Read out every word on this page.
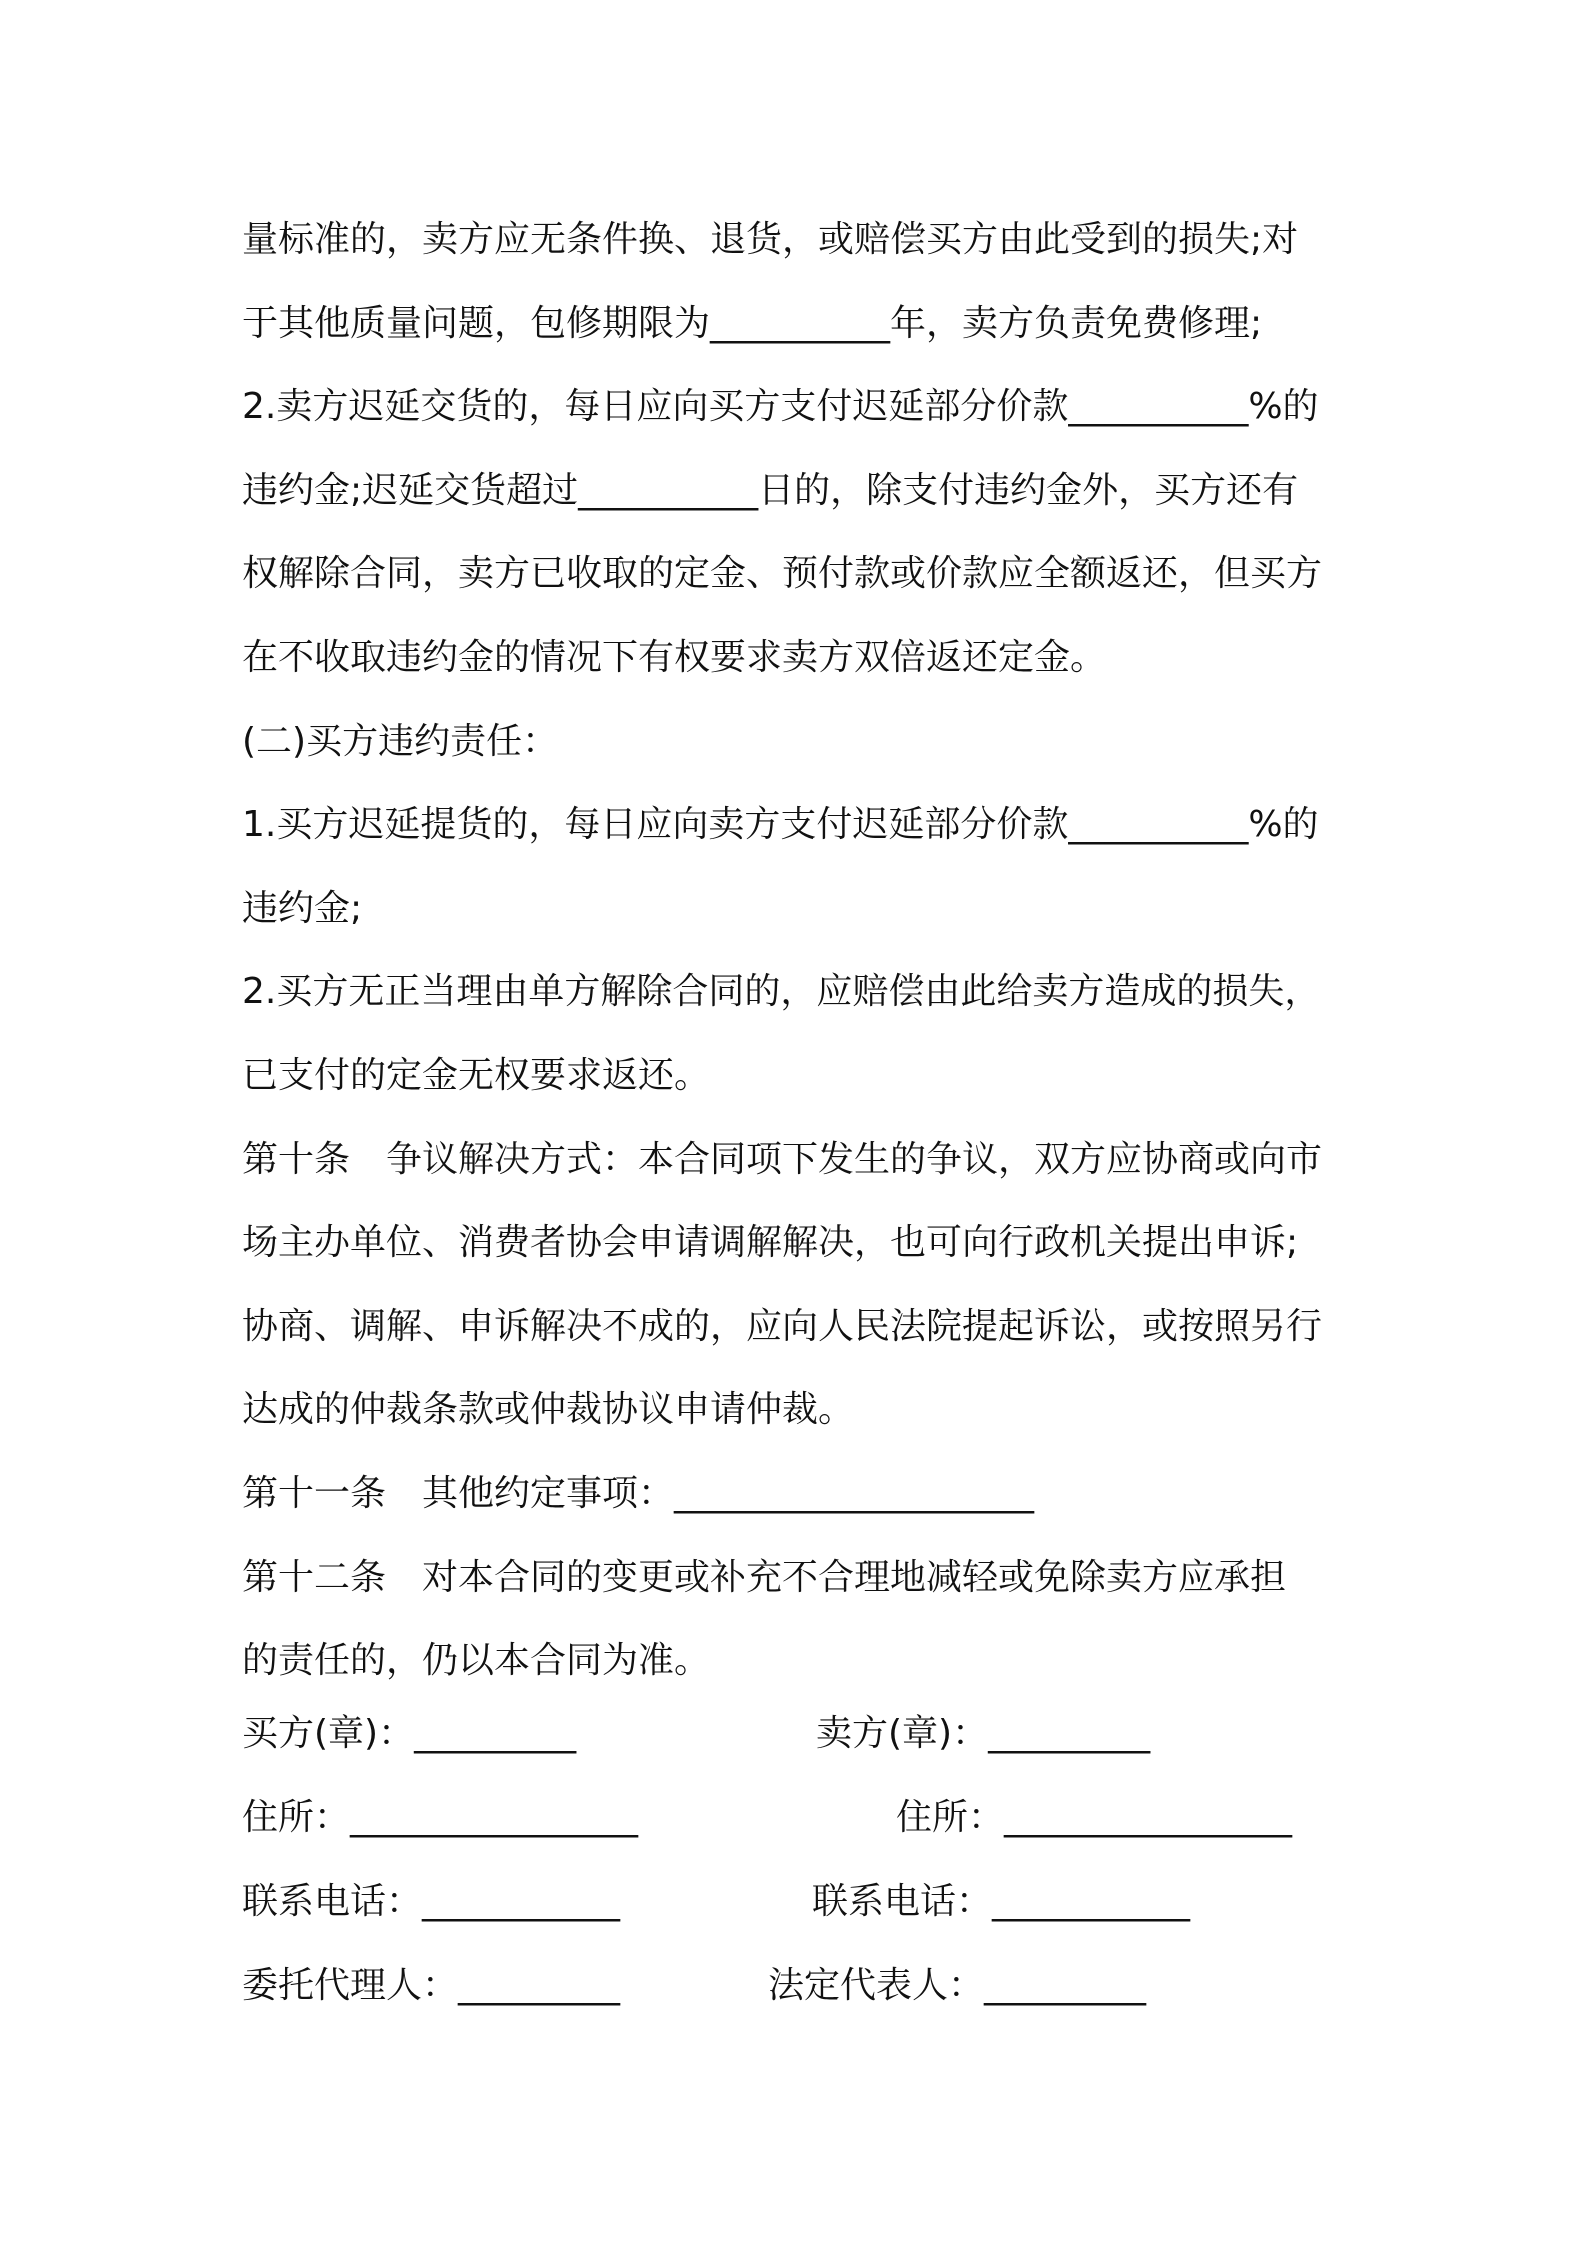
量标准的，卖方应无条件换、退货，或赔偿买方由此受到的损失;对
于其他质量问题，包修期限为__________年，卖方负责免费修理;
2.卖方迟延交货的，每日应向买方支付迟延部分价款__________%的
违约金;迟延交货超过__________日的，除支付违约金外，买方还有
权解除合同，卖方已收取的定金、预付款或价款应全额返还，但买方
在不收取违约金的情况下有权要求卖方双倍返还定金。
(二)买方违约责任：
1.买方迟延提货的，每日应向卖方支付迟延部分价款__________%的
违约金;
2.买方无正当理由单方解除合同的，应赔偿由此给卖方造成的损失，
已支付的定金无权要求返还。
第十条　争议解决方式：本合同项下发生的争议，双方应协商或向市
场主办单位、消费者协会申请调解解决，也可向行政机关提出申诉;
协商、调解、申诉解决不成的，应向人民法院提起诉讼，或按照另行
达成的仲裁条款或仲裁协议申请仲裁。
第十一条　其他约定事项：____________________
第十二条　对本合同的变更或补充不合理地减轻或免除卖方应承担
的责任的，仍以本合同为准。
买方(章)：_________	卖方(章)：_________
住所：________________	住所：________________
联系电话：___________	联系电话：___________
委托代理人：_________	法定代表人：_________
